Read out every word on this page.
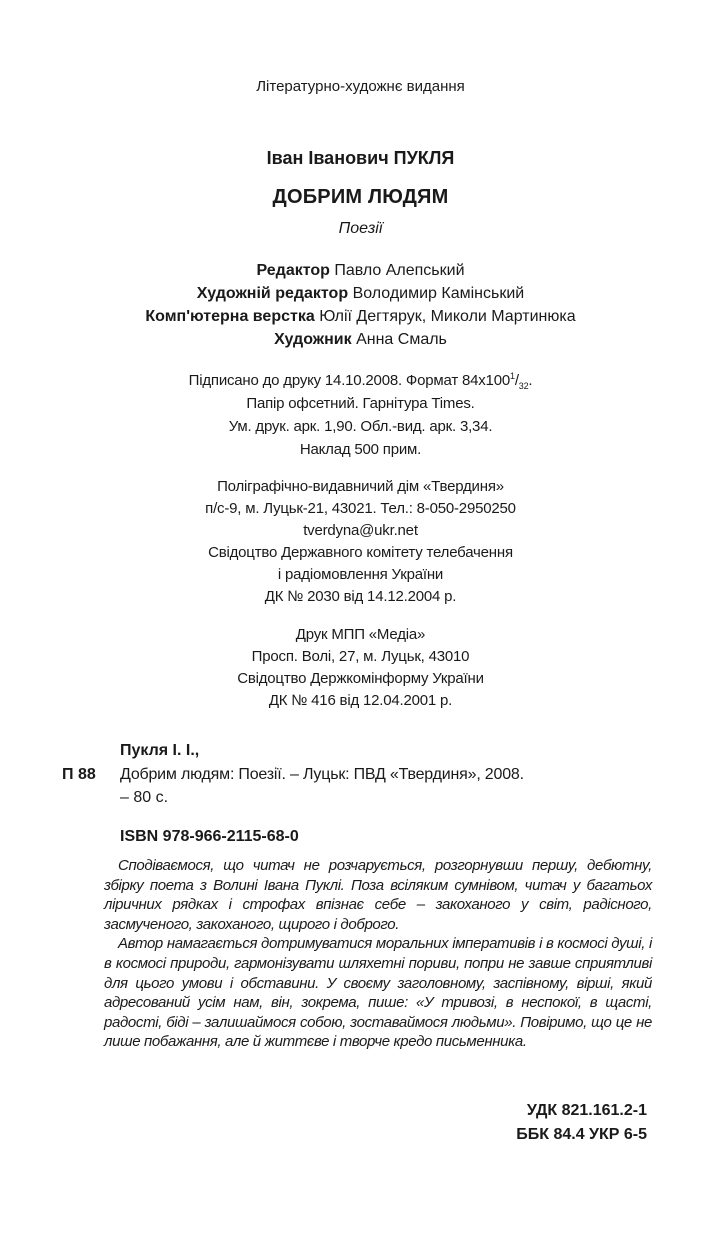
Літературно-художнє видання
Іван Іванович ПУКЛЯ
ДОБРИМ ЛЮДЯМ
Поезії
Редактор Павло Алепський
Художній редактор Володимир Камінський
Комп'ютерна верстка Юлії Дегтярук, Миколи Мартинюка
Художник Анна Смаль
Підписано до друку 14.10.2008. Формат $84x100^1/_{32}$.
Папір офсетний. Гарнітура Times.
Ум. друк. арк. 1,90. Обл.-вид. арк. 3,34.
Наклад 500 прим.
Поліграфічно-видавничий дім «Твердиня»
п/с-9, м. Луцьк-21, 43021. Тел.: 8-050-2950250
tverdyna@ukr.net
Свідоцтво Державного комітету телебачення
і радіомовлення України
ДК № 2030 від 14.12.2004 р.
Друк МПП «Медіа»
Просп. Волі, 27, м. Луцьк, 43010
Свідоцтво Держкомінформу України
ДК № 416 від 12.04.2001 р.
Пукля І. І.,
П 88 Добрим людям: Поезії. – Луцьк: ПВД «Твердиня», 2008.
– 80 с.
ISBN 978-966-2115-68-0

Сподіваємося, що читач не розчарується, розгорнувши першу, дебютну, збірку поета з Волині Івана Пуклі. Поза всіляким сумнівом, читач у багатьох ліричних рядках і строфах впізнає себе – закоханого у світ, радісного, засмученого, закоханого, щирого і доброго.

Автор намагається дотримуватися моральних імперативів і в космосі душі, і в космосі природи, гармонізувати шляхетні пориви, попри не завше сприятливі для цього умови і обставини. У своєму заголовному, заспівному, вірші, який адресований усім нам, він, зокрема, пише: «У тривозі, в неспокої, в щасті, радості, біді – залишаймося собою, зоставаймося людьми». Повіримо, що це не лише побажання, але й життєве і творче кредо письменника.

УДК 821.161.2-1
ББК 84.4 УКР 6-5
